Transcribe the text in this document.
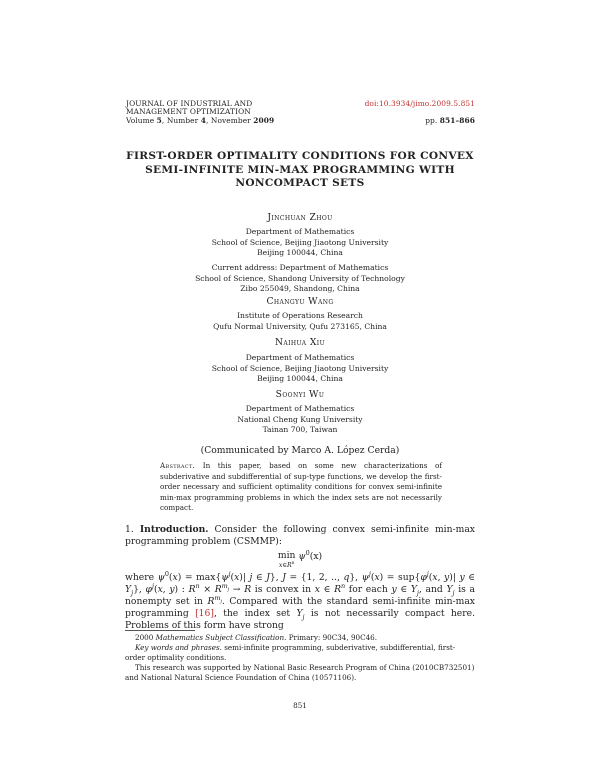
JOURNAL OF INDUSTRIAL AND
MANAGEMENT OPTIMIZATION
Volume 5, Number 4, November 2009
doi:10.3934/jimo.2009.5.851
pp. 851–866
FIRST-ORDER OPTIMALITY CONDITIONS FOR CONVEX
SEMI-INFINITE MIN-MAX PROGRAMMING WITH
NONCOMPACT SETS
Jinchuan Zhou
Department of Mathematics
School of Science, Beijing Jiaotong University
Beijing 100044, China
Current address: Department of Mathematics
School of Science, Shandong University of Technology
Zibo 255049, Shandong, China
Changyu Wang
Institute of Operations Research
Qufu Normal University, Qufu 273165, China
Naihua Xiu
Department of Mathematics
School of Science, Beijing Jiaotong University
Beijing 100044, China
Soonyi Wu
Department of Mathematics
National Cheng Kung University
Tainan 700, Taiwan
(Communicated by Marco A. López Cerda)
Abstract. In this paper, based on some new characterizations of subderivative and subdifferential of sup-type functions, we develop the first-order necessary and sufficient optimality conditions for convex semi-infinite min-max programming problems in which the index sets are not necessarily compact.
1. Introduction. Consider the following convex semi-infinite min-max programming problem (CSMMP):
min
$x\in R^n$ $\psi^0(x)$
where $\psi^0(x) = \max\{\psi^j(x)|$ j ∈ J}, J = {1, 2, .., q}, $\psi^j(x) = sup\{\varphi^j(x$, y)| y ∈ $Y_j$}, $\varphi^j(x$, y) : $R^n \times R^{m_j} \to R$ is convex in x ∈ $R^n$ for each y ∈ $Y_j$, and $Y_j$ is a nonempty set in $R^{m_j}$. Compared with the standard semi-infinite min-max programming [16], the index set $Y_j$ is not necessarily compact here. Problems of this form have strong
2000 Mathematics Subject Classification. Primary: 90C34, 90C46.
Key words and phrases. semi-infinite programming, subderivative, subdifferential, first-order optimality conditions.
This research was supported by National Basic Research Program of China (2010CB732501) and National Natural Science Foundation of China (10571106).
851
